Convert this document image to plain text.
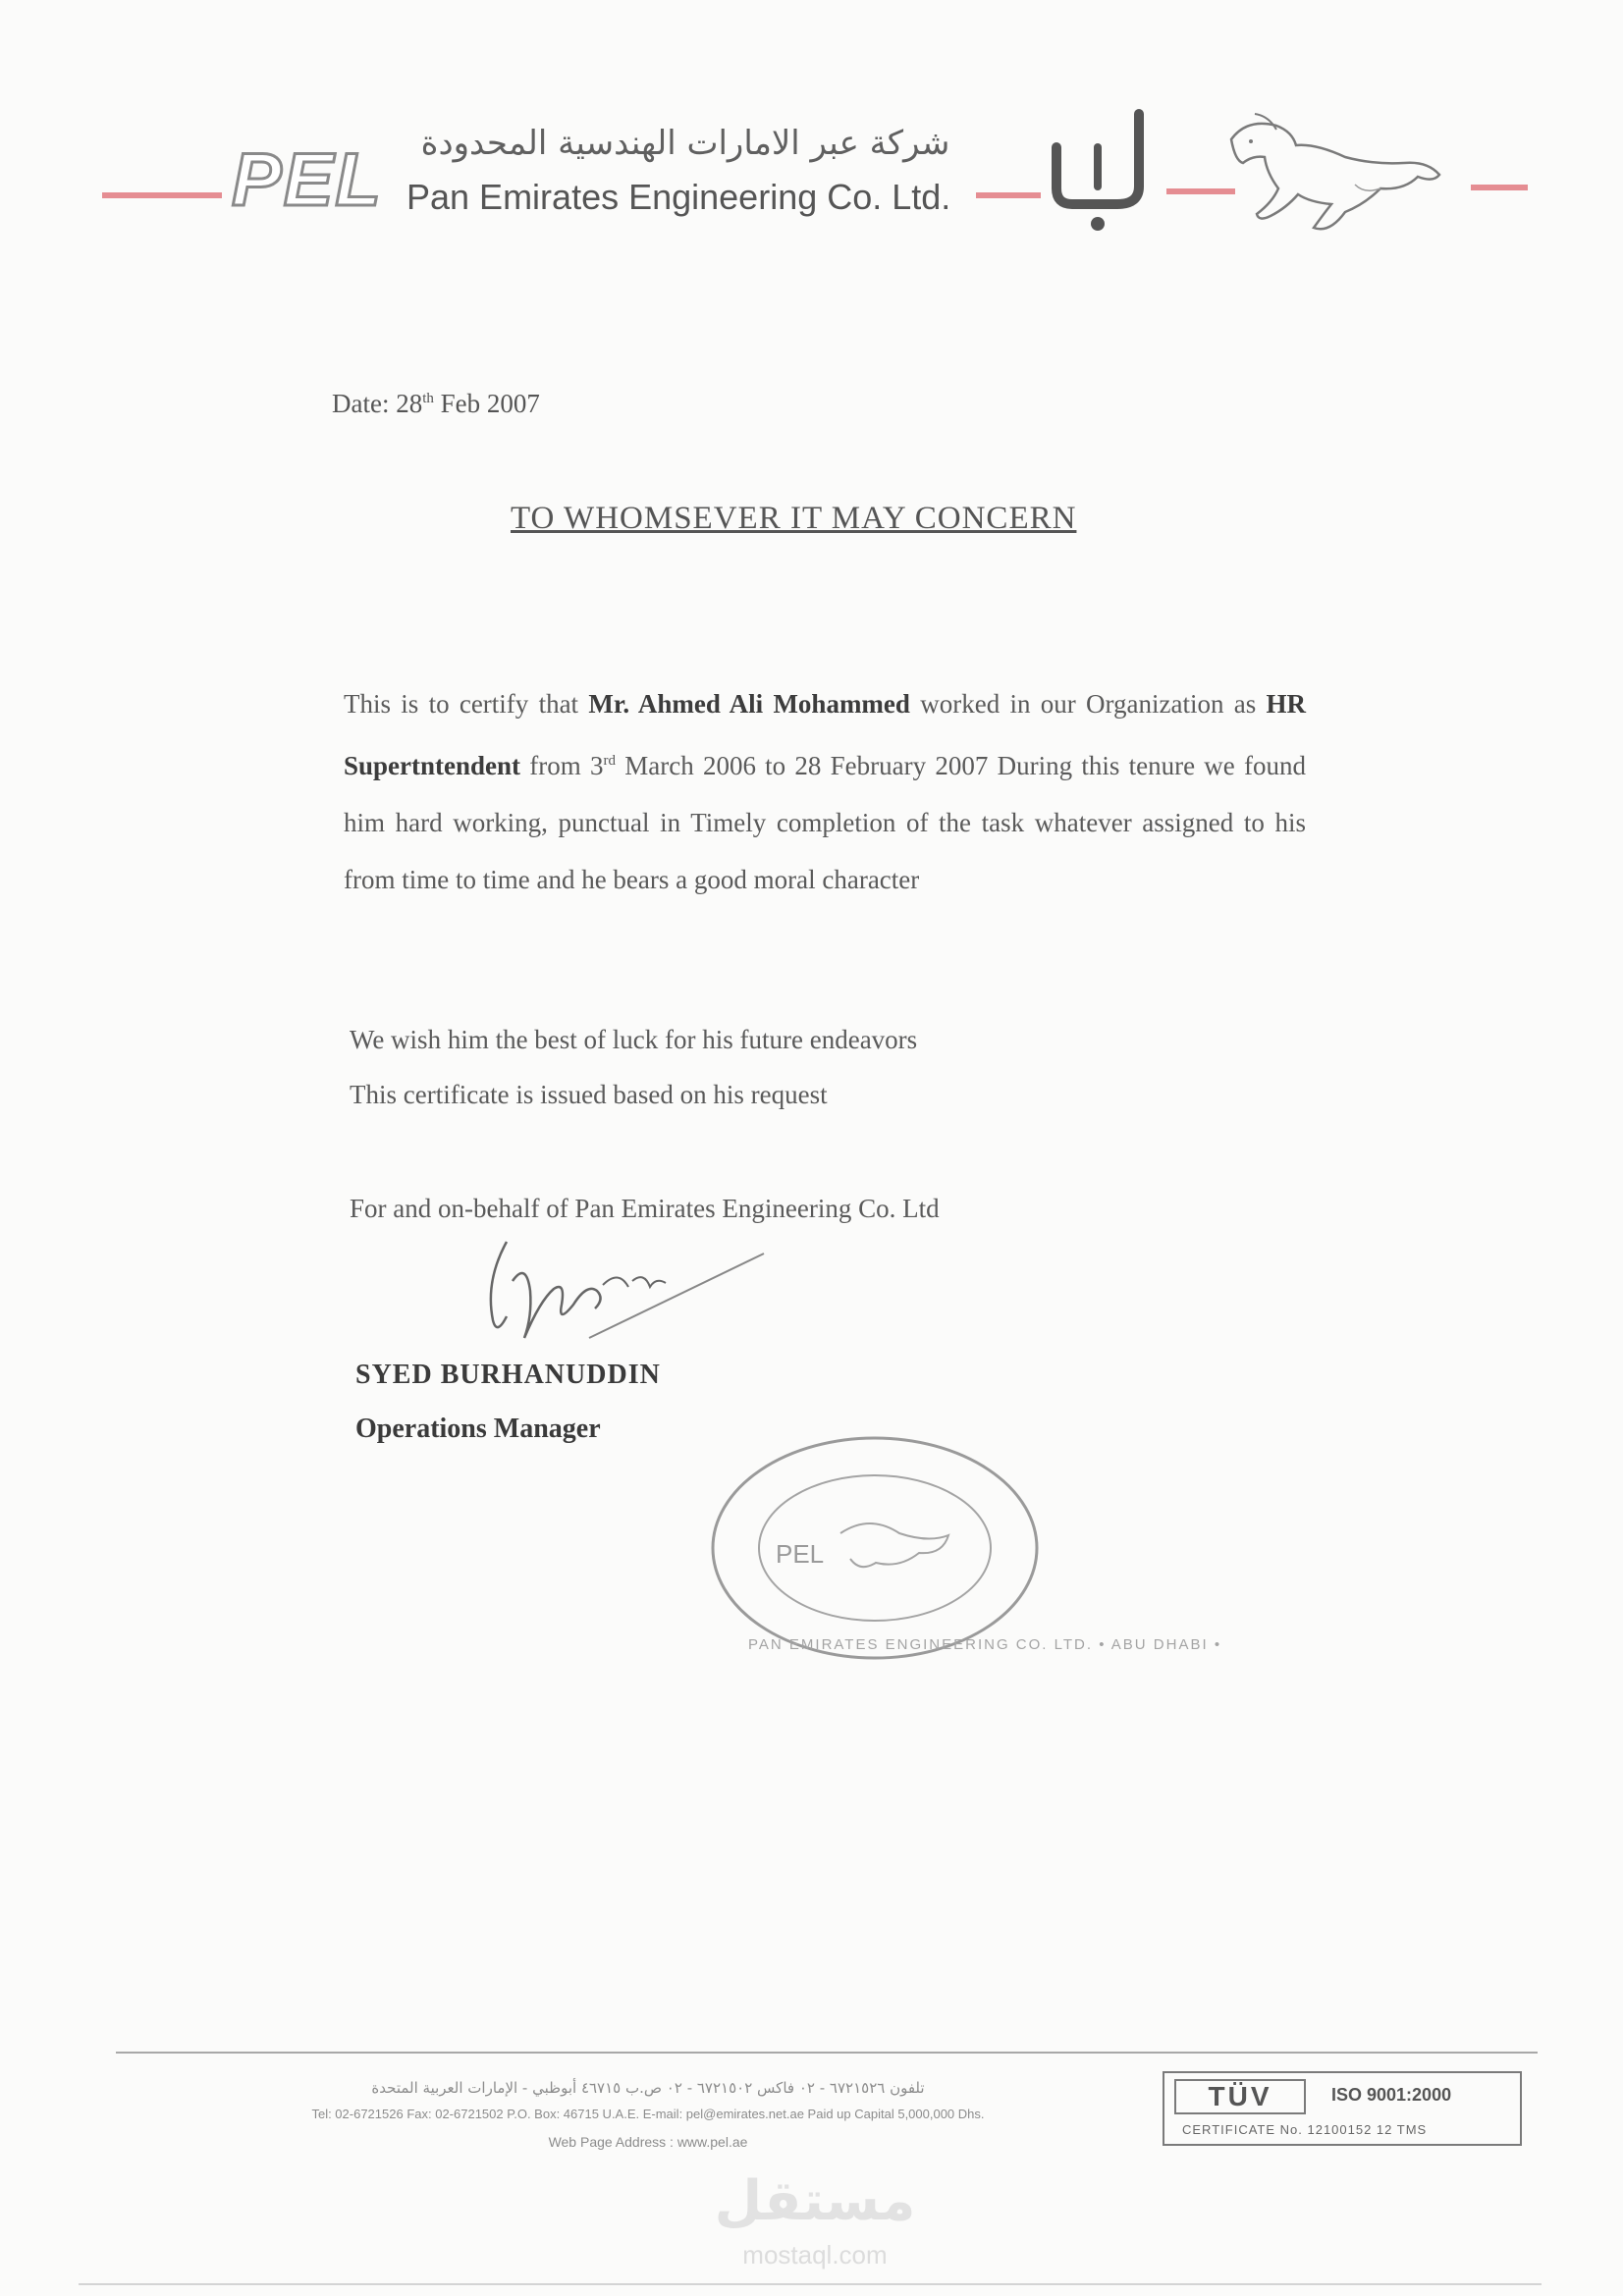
PEL	شركة عبر الامارات الهندسية المحدودة
Pan Emirates Engineering Co. Ltd.
Date: 28th Feb 2007
TO WHOMSEVER IT MAY CONCERN
This is to certify that Mr. Ahmed Ali Mohammed worked in our Organization as HR Supertntendent from 3rd March 2006 to 28 February 2007 During this tenure we found him hard working, punctual in Timely completion of the task whatever assigned to his from time to time and he bears a good moral character
We wish him the best of luck for his future endeavors
This certificate is issued based on his request
For and on-behalf of Pan Emirates Engineering Co. Ltd
SYED BURHANUDDIN
Operations Manager
PEL
PAN EMIRATES ENGINEERING CO. LTD. • ABU DHABI •
تلفون ٦٧٢١٥٢٦ - ٠٢ فاكس ٦٧٢١٥٠٢ - ٠٢ ص.ب ٤٦٧١٥ أبوظبي - الإمارات العربية المتحدة
Tel: 02-6721526 Fax: 02-6721502 P.O. Box: 46715 U.A.E. E-mail: pel@emirates.net.ae Paid up Capital 5,000,000 Dhs.
Web Page Address : www.pel.ae
TÜV	ISO 9001:2000
CERTIFICATE No. 12100152 12 TMS
مستقل
mostaql.com
